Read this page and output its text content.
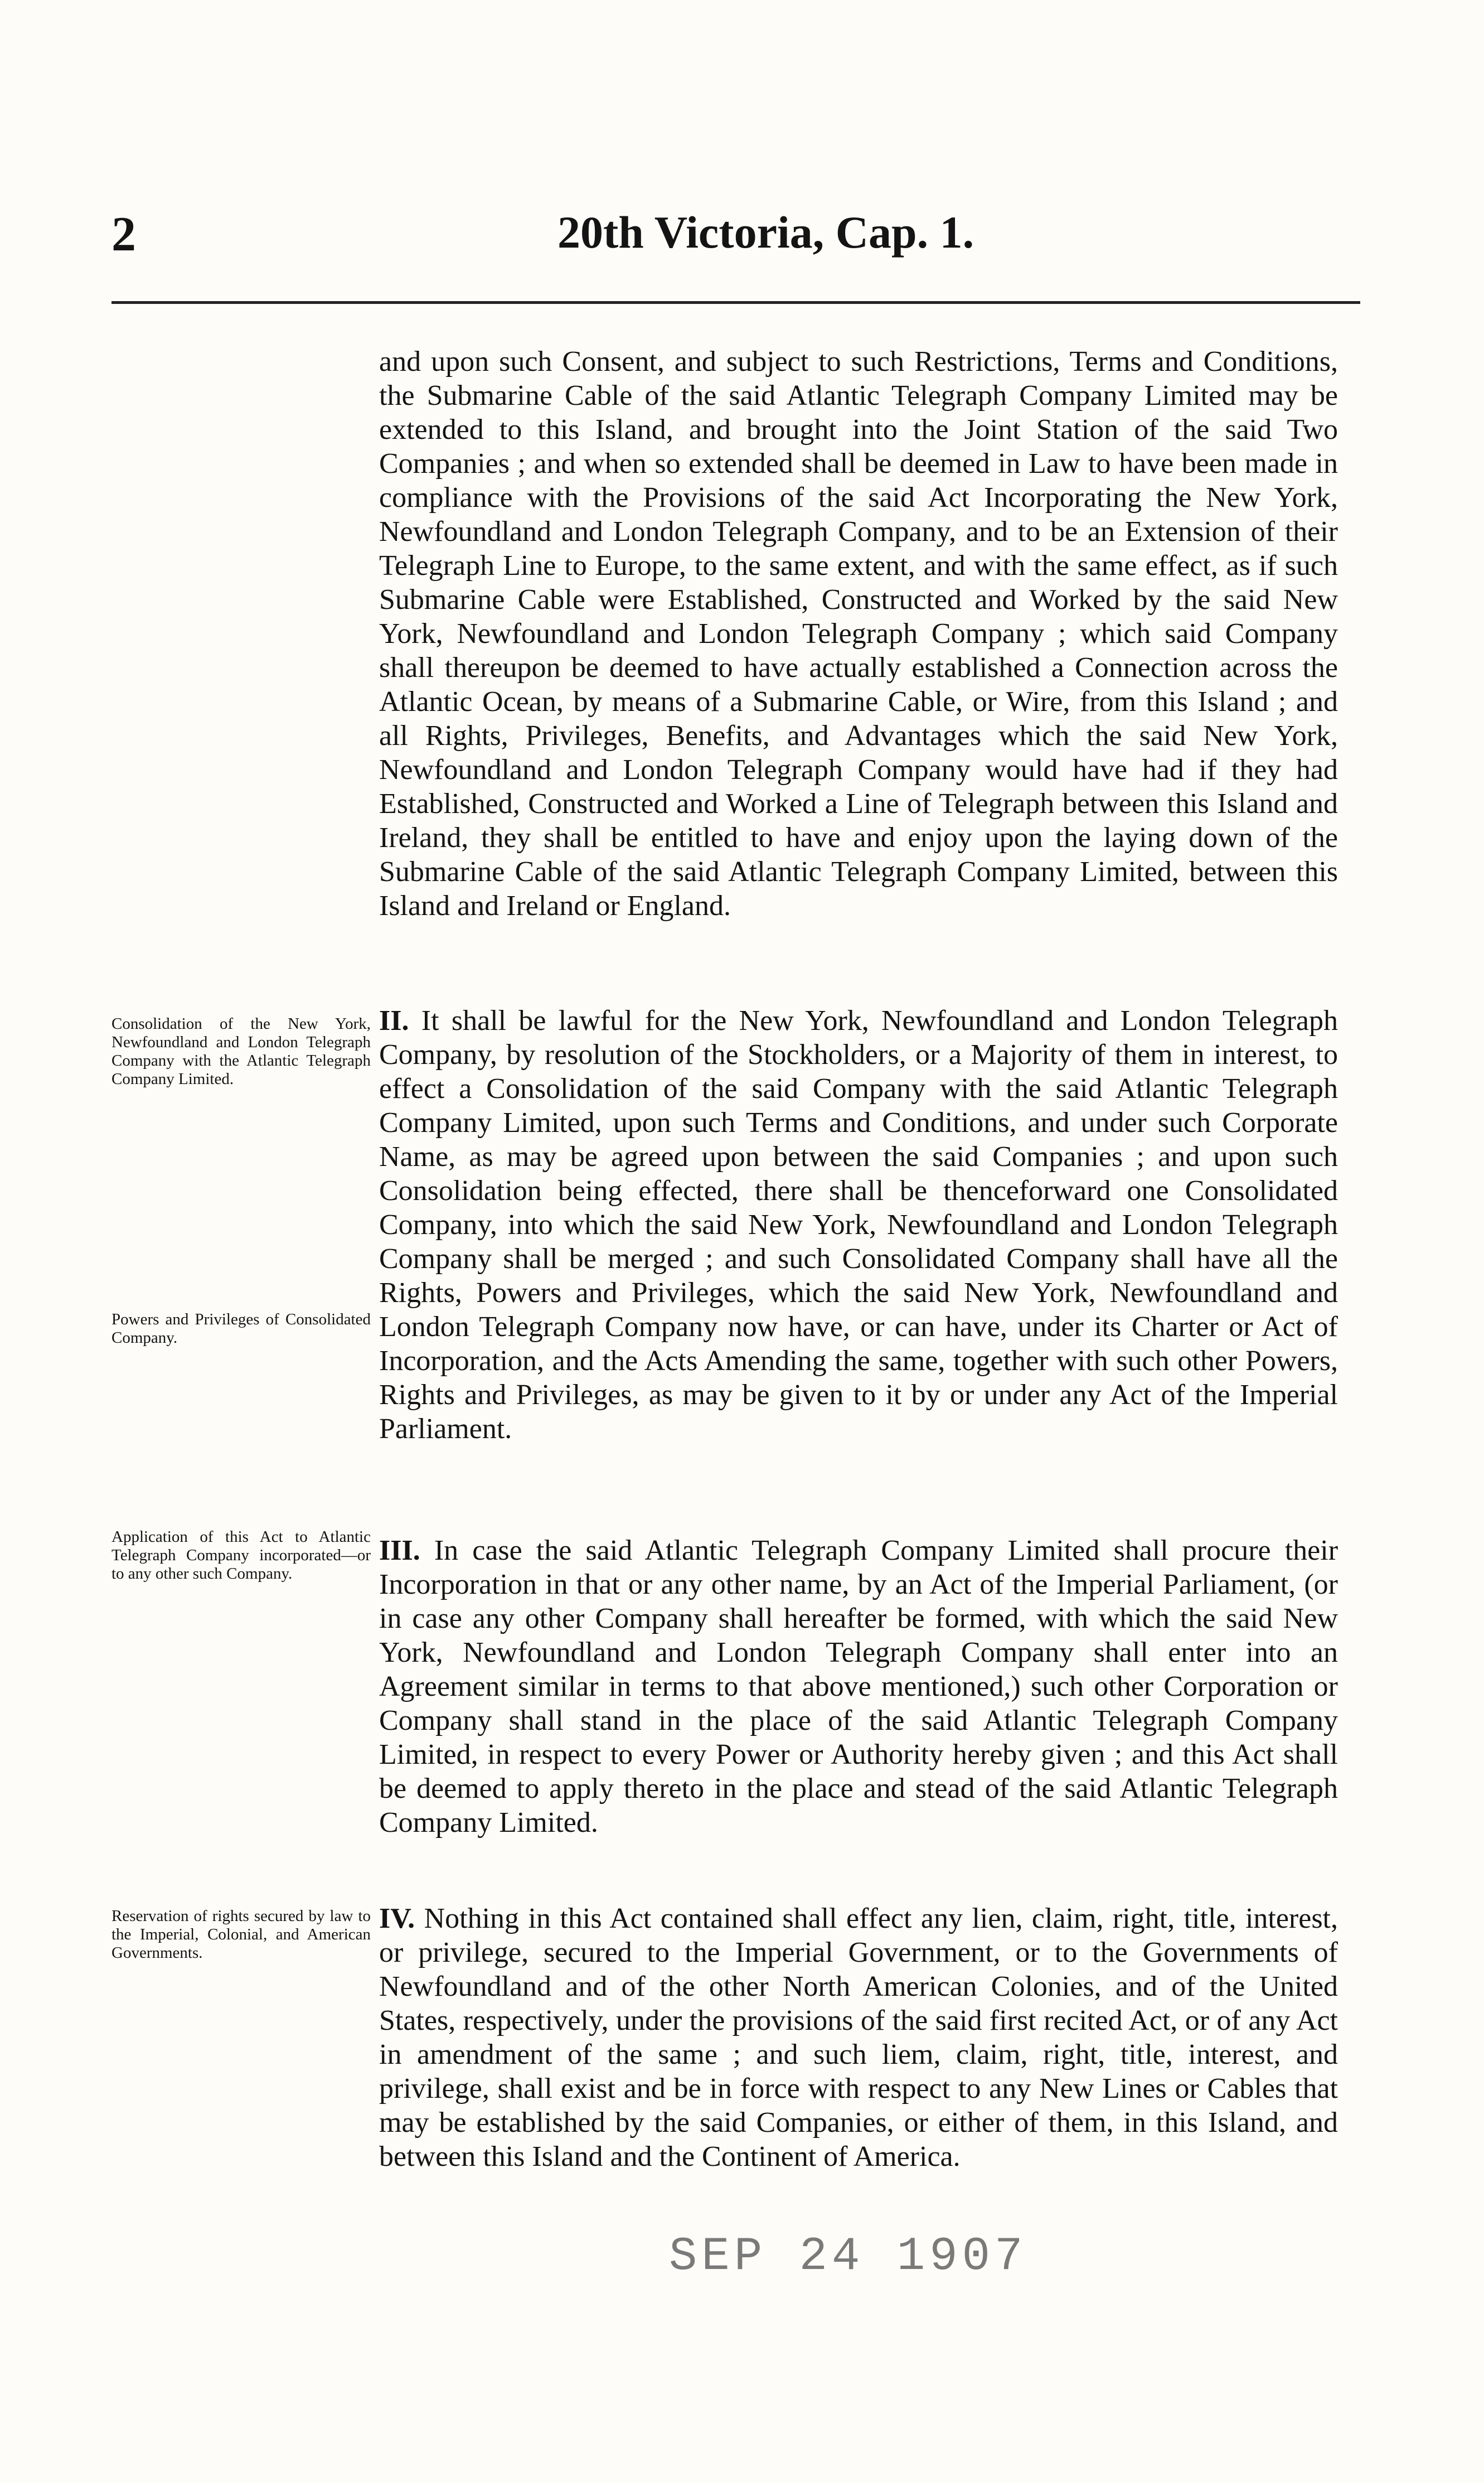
2	20th Victoria, Cap. 1.

and upon such Consent, and subject to such Restrictions, Terms and Conditions, the Submarine Cable of the said Atlantic Telegraph Company Limited may be extended to this Island, and brought into the Joint Station of the said Two Companies ; and when so extended shall be deemed in Law to have been made in compliance with the Provisions of the said Act Incorporating the New York, Newfoundland and London Telegraph Company, and to be an Extension of their Telegraph Line to Europe, to the same extent, and with the same effect, as if such Submarine Cable were Established, Constructed and Worked by the said New York, Newfoundland and London Telegraph Company ; which said Company shall thereupon be deemed to have actually established a Connection across the Atlantic Ocean, by means of a Submarine Cable, or Wire, from this Island ; and all Rights, Privileges, Benefits, and Advantages which the said New York, Newfoundland and London Telegraph Company would have had if they had Established, Constructed and Worked a Line of Telegraph between this Island and Ireland, they shall be entitled to have and enjoy upon the laying down of the Submarine Cable of the said Atlantic Telegraph Company Limited, between this Island and Ireland or England.

Consolidation of the New York, Newfoundland and London Telegraph Company with the Atlantic Telegraph Company Limited.

II. It shall be lawful for the New York, Newfoundland and London Telegraph Company, by resolution of the Stockholders, or a Majority of them in interest, to effect a Consolidation of the said Company with the said Atlantic Telegraph Company Limited, upon such Terms and Conditions, and under such Corporate Name, as may be agreed upon between the said Companies ; and upon such Consolidation being effected, there shall be thenceforward one Consolidated Company, into which the said New York, Newfoundland and London Telegraph Company shall be merged ; and such Consolidated Company shall have all the Rights, Powers and Privileges, which the said New York, Newfoundland and London Telegraph Company now have, or can have, under its Charter or Act of Incorporation, and the Acts Amending the same, together with such other Powers, Rights and Privileges, as may be given to it by or under any Act of the Imperial Parliament.

Powers and Privileges of Consolidated Company.

Application of this Act to Atlantic Telegraph Company incorporated—or to any other such Company.

III. In case the said Atlantic Telegraph Company Limited shall procure their Incorporation in that or any other name, by an Act of the Imperial Parliament, (or in case any other Company shall hereafter be formed, with which the said New York, Newfoundland and London Telegraph Company shall enter into an Agreement similar in terms to that above mentioned,) such other Corporation or Company shall stand in the place of the said Atlantic Telegraph Company Limited, in respect to every Power or Authority hereby given ; and this Act shall be deemed to apply thereto in the place and stead of the said Atlantic Telegraph Company Limited.

Reservation of rights secured by law to the Imperial, Colonial, and American Governments.

IV. Nothing in this Act contained shall effect any lien, claim, right, title, interest, or privilege, secured to the Imperial Government, or to the Governments of Newfoundland and of the other North American Colonies, and of the United States, respectively, under the provisions of the said first recited Act, or of any Act in amendment of the same ; and such liem, claim, right, title, interest, and privilege, shall exist and be in force with respect to any New Lines or Cables that may be established by the said Companies, or either of them, in this Island, and between this Island and the Continent of America.

SEP 24 1907
